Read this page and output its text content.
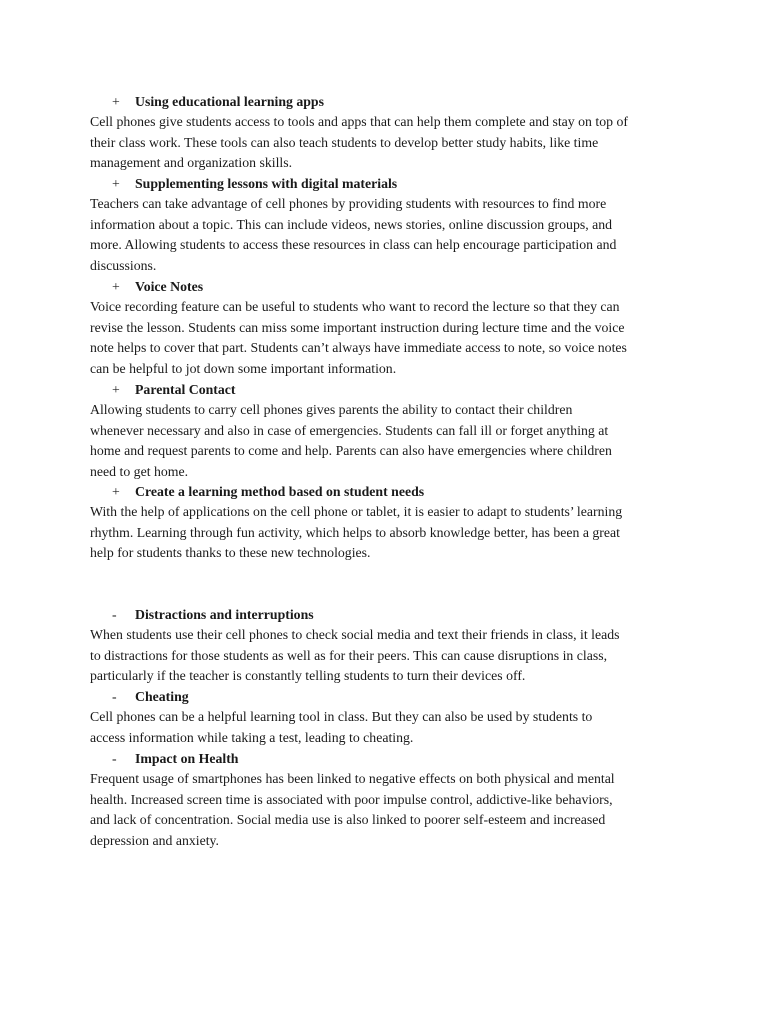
+	Using educational learning apps

Cell phones give students access to tools and apps that can help them complete and stay on top of
their class work. These tools can also teach students to develop better study habits, like time
management and organization skills.

+	Supplementing lessons with digital materials

Teachers can take advantage of cell phones by providing students with resources to find more
information about a topic. This can include videos, news stories, online discussion groups, and
more. Allowing students to access these resources in class can help encourage participation and
discussions.

+	Voice Notes

Voice recording feature can be useful to students who want to record the lecture so that they can
revise the lesson. Students can miss some important instruction during lecture time and the voice
note helps to cover that part. Students can’t always have immediate access to note, so voice notes
can be helpful to jot down some important information.

+	Parental Contact

Allowing students to carry cell phones gives parents the ability to contact their children
whenever necessary and also in case of emergencies. Students can fall ill or forget anything at
home and request parents to come and help. Parents can also have emergencies where children
need to get home.

+	Create a learning method based on student needs

With the help of applications on the cell phone or tablet, it is easier to adapt to students’ learning
rhythm. Learning through fun activity, which helps to absorb knowledge better, has been a great
help for students thanks to these new technologies.

-	Distractions and interruptions

When students use their cell phones to check social media and text their friends in class, it leads
to distractions for those students as well as for their peers. This can cause disruptions in class,
particularly if the teacher is constantly telling students to turn their devices off.

-	Cheating

Cell phones can be a helpful learning tool in class. But they can also be used by students to
access information while taking a test, leading to cheating.

-	Impact on Health

Frequent usage of smartphones has been linked to negative effects on both physical and mental
health. Increased screen time is associated with poor impulse control, addictive-like behaviors,
and lack of concentration. Social media use is also linked to poorer self-esteem and increased
depression and anxiety.
